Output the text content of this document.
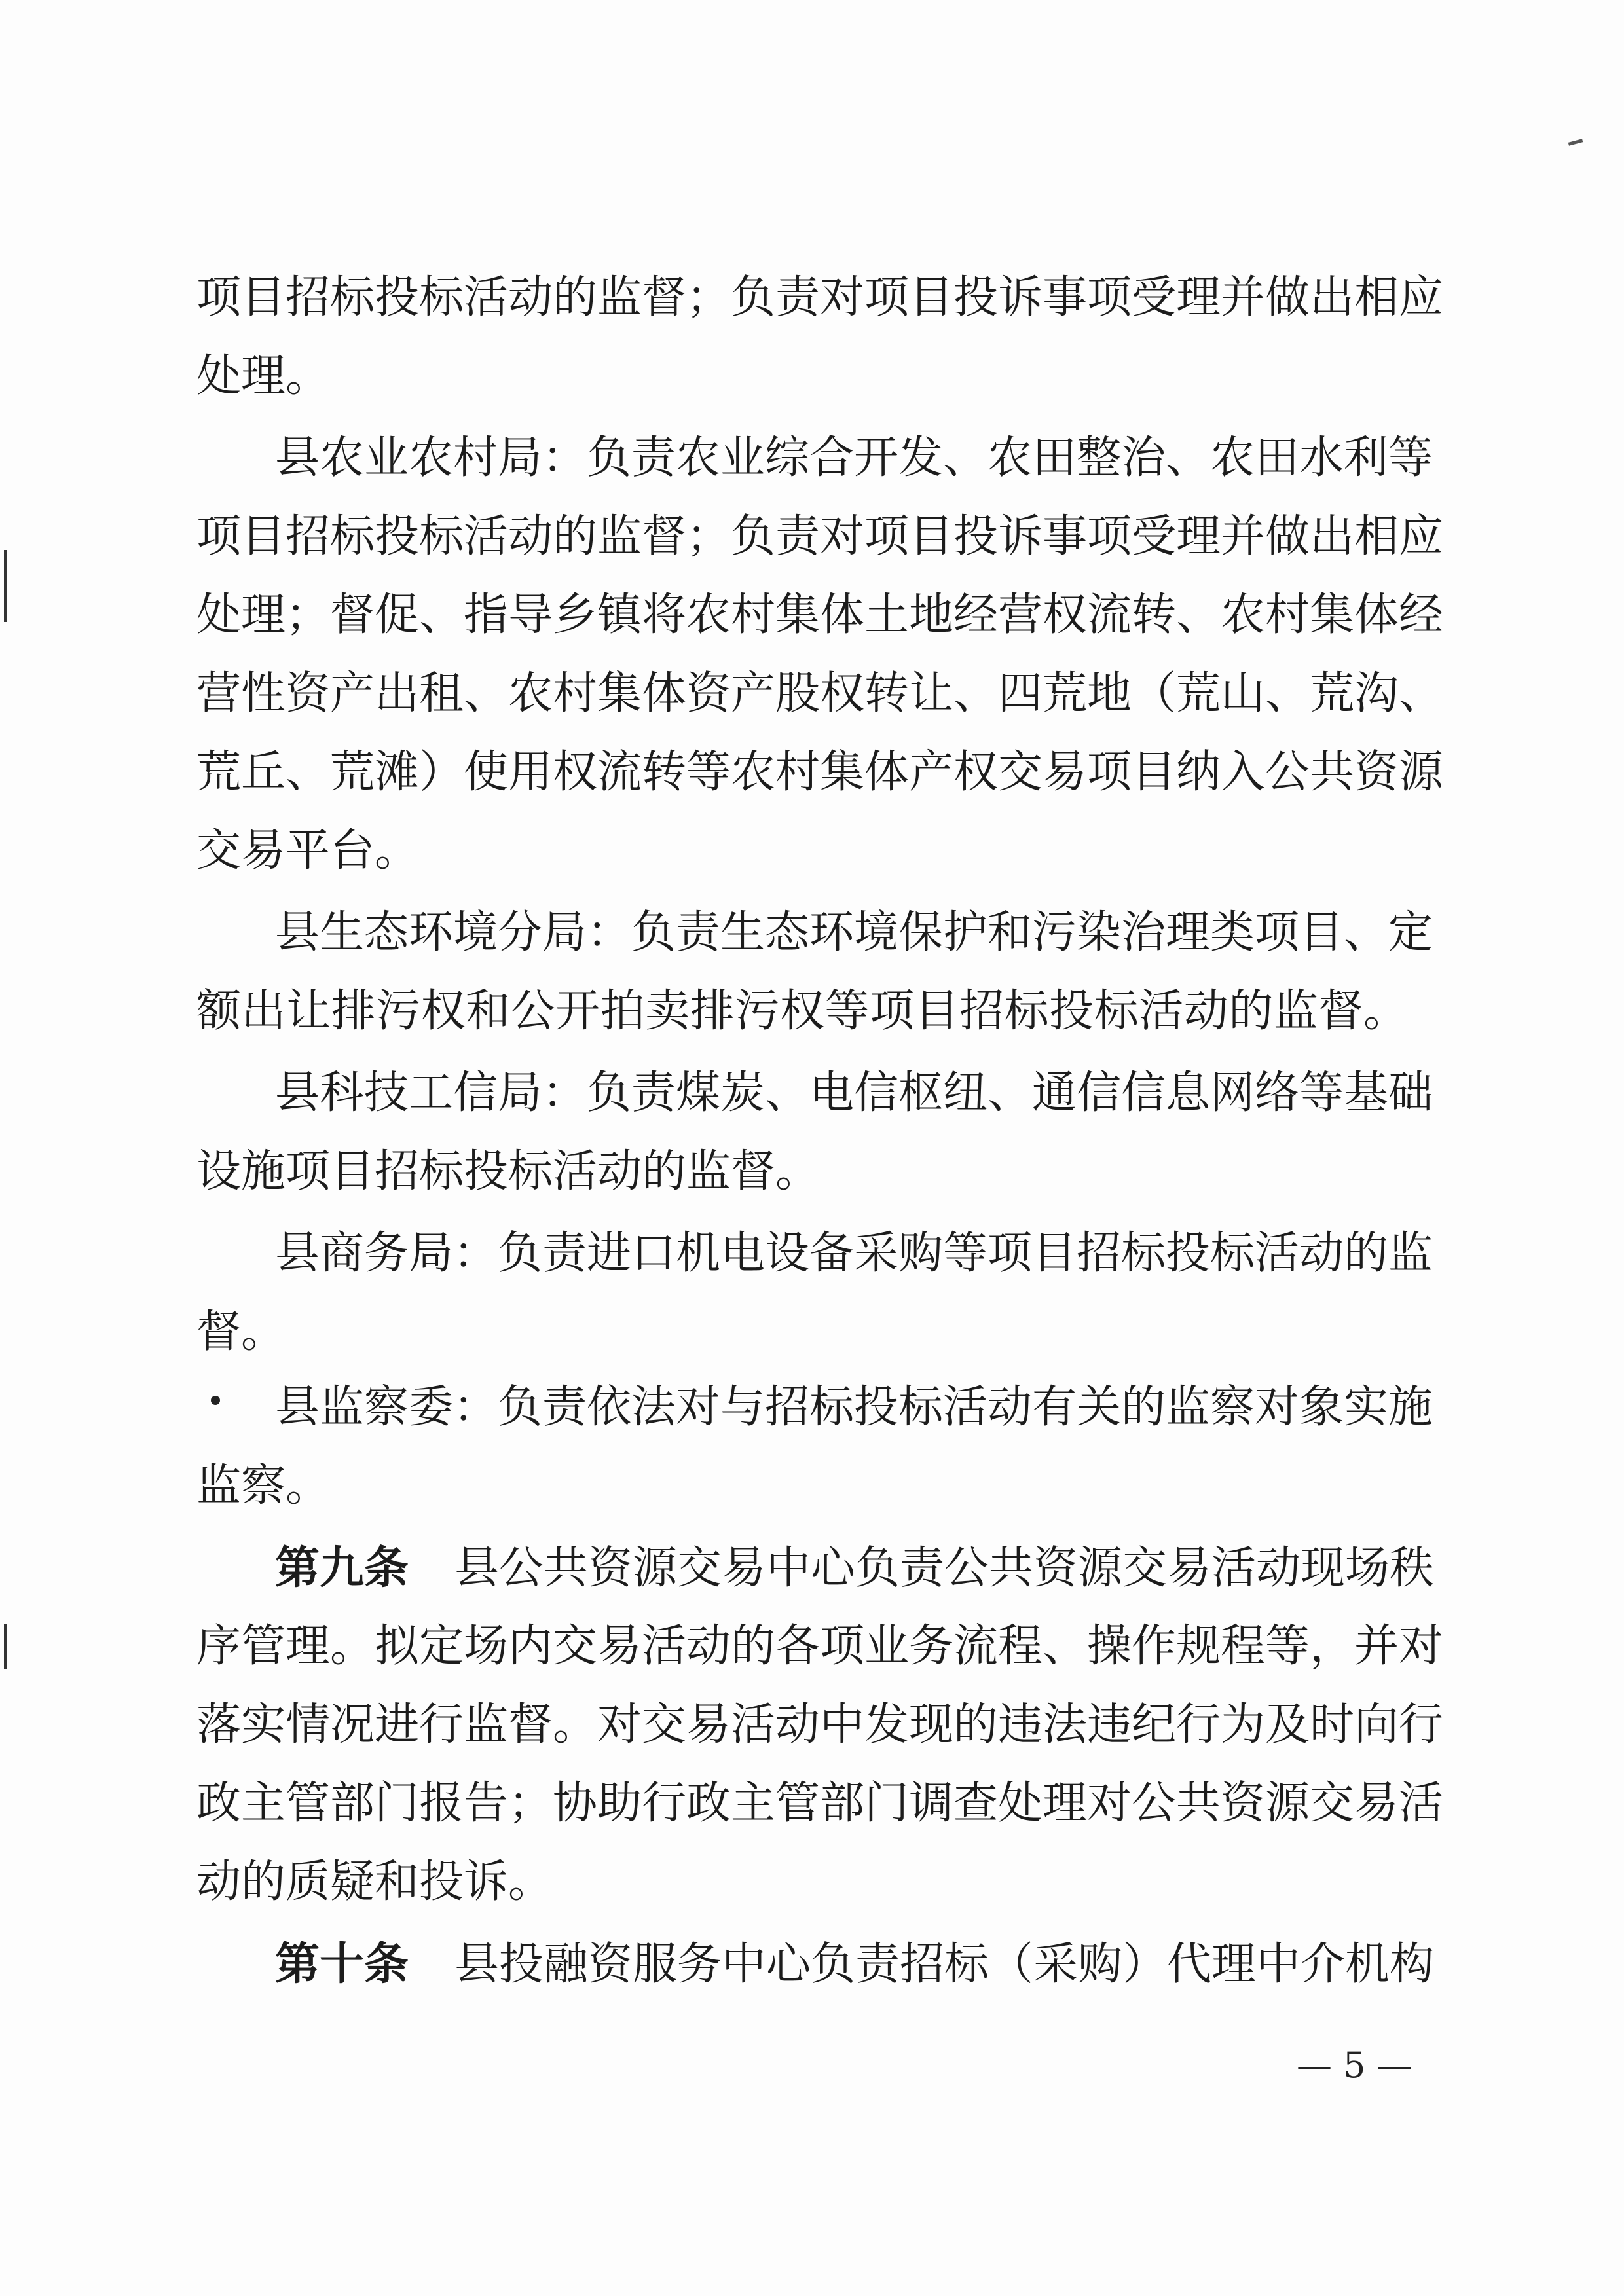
项目招标投标活动的监督；负责对项目投诉事项受理并做出相应
处理。
县农业农村局：负责农业综合开发、农田整治、农田水利等
项目招标投标活动的监督；负责对项目投诉事项受理并做出相应
处理；督促、指导乡镇将农村集体土地经营权流转、农村集体经
营性资产出租、农村集体资产股权转让、四荒地（荒山、荒沟、
荒丘、荒滩）使用权流转等农村集体产权交易项目纳入公共资源
交易平台。
县生态环境分局：负责生态环境保护和污染治理类项目、定
额出让排污权和公开拍卖排污权等项目招标投标活动的监督。
县科技工信局：负责煤炭、电信枢纽、通信信息网络等基础
设施项目招标投标活动的监督。
县商务局：负责进口机电设备采购等项目招标投标活动的监
督。
县监察委：负责依法对与招标投标活动有关的监察对象实施
监察。
第九条 县公共资源交易中心负责公共资源交易活动现场秩
序管理。拟定场内交易活动的各项业务流程、操作规程等，并对
落实情况进行监督。对交易活动中发现的违法违纪行为及时向行
政主管部门报告；协助行政主管部门调查处理对公共资源交易活
动的质疑和投诉。
第十条 县投融资服务中心负责招标（采购）代理中介机构
— 5 —
